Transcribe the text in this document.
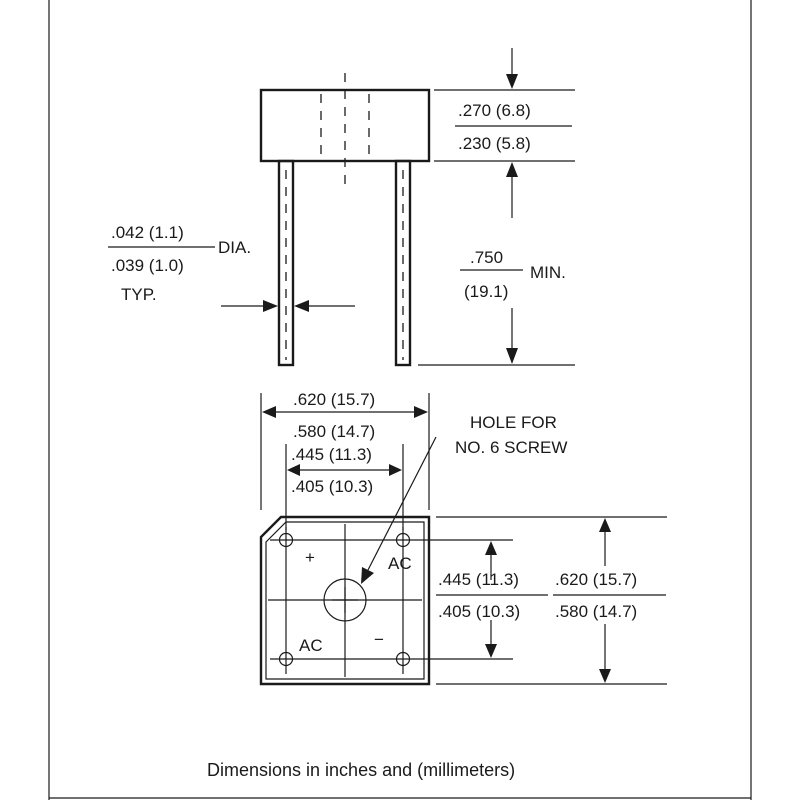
.270 (6.8)
.230 (5.8)
.042 (1.1)
DIA.
.039 (1.0)
TYP.
.750
MIN.
(19.1)
.620 (15.7)
.580 (14.7)
.445 (11.3)
.405 (10.3)
+	AC
AC	−
HOLE FOR
NO. 6 SCREW
.445 (11.3)
.405 (10.3)
.620 (15.7)
.580 (14.7)
Dimensions in inches and (millimeters)
